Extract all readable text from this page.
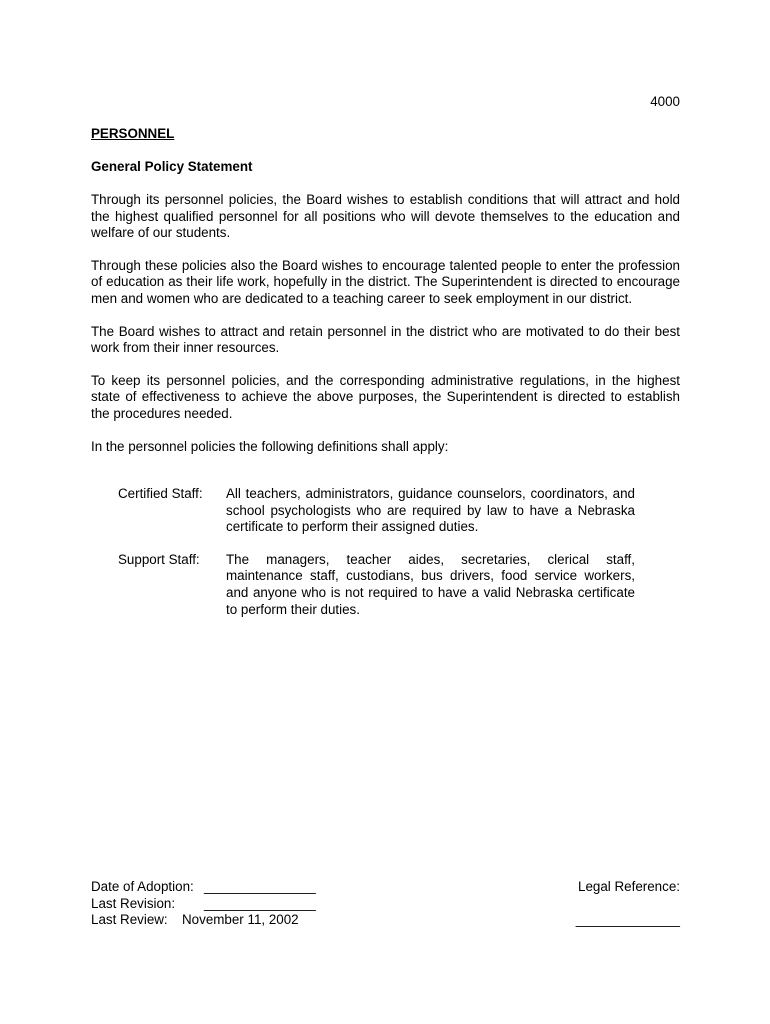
4000
PERSONNEL
General Policy Statement

Through its personnel policies, the Board wishes to establish conditions that will attract and hold the highest qualified personnel for all positions who will devote themselves to the education and welfare of our students.

Through these policies also the Board wishes to encourage talented people to enter the profession of education as their life work, hopefully in the district. The Superintendent is directed to encourage men and women who are dedicated to a teaching career to seek employment in our district.

The Board wishes to attract and retain personnel in the district who are motivated to do their best work from their inner resources.

To keep its personnel policies, and the corresponding administrative regulations, in the highest state of effectiveness to achieve the above purposes, the Superintendent is directed to establish the procedures needed.

In the personnel policies the following definitions shall apply:

Certified Staff:	All teachers, administrators, guidance counselors, coordinators, and school psychologists who are required by law to have a Nebraska certificate to perform their assigned duties.
Support Staff:	The managers, teacher aides, secretaries, clerical staff, maintenance staff, custodians, bus drivers, food service workers, and anyone who is not required to have a valid Nebraska certificate to perform their duties.
Date of Adoption: _______________
Last Revision:	_______________
Last Review:	November 11, 2002
Legal Reference:
______________
